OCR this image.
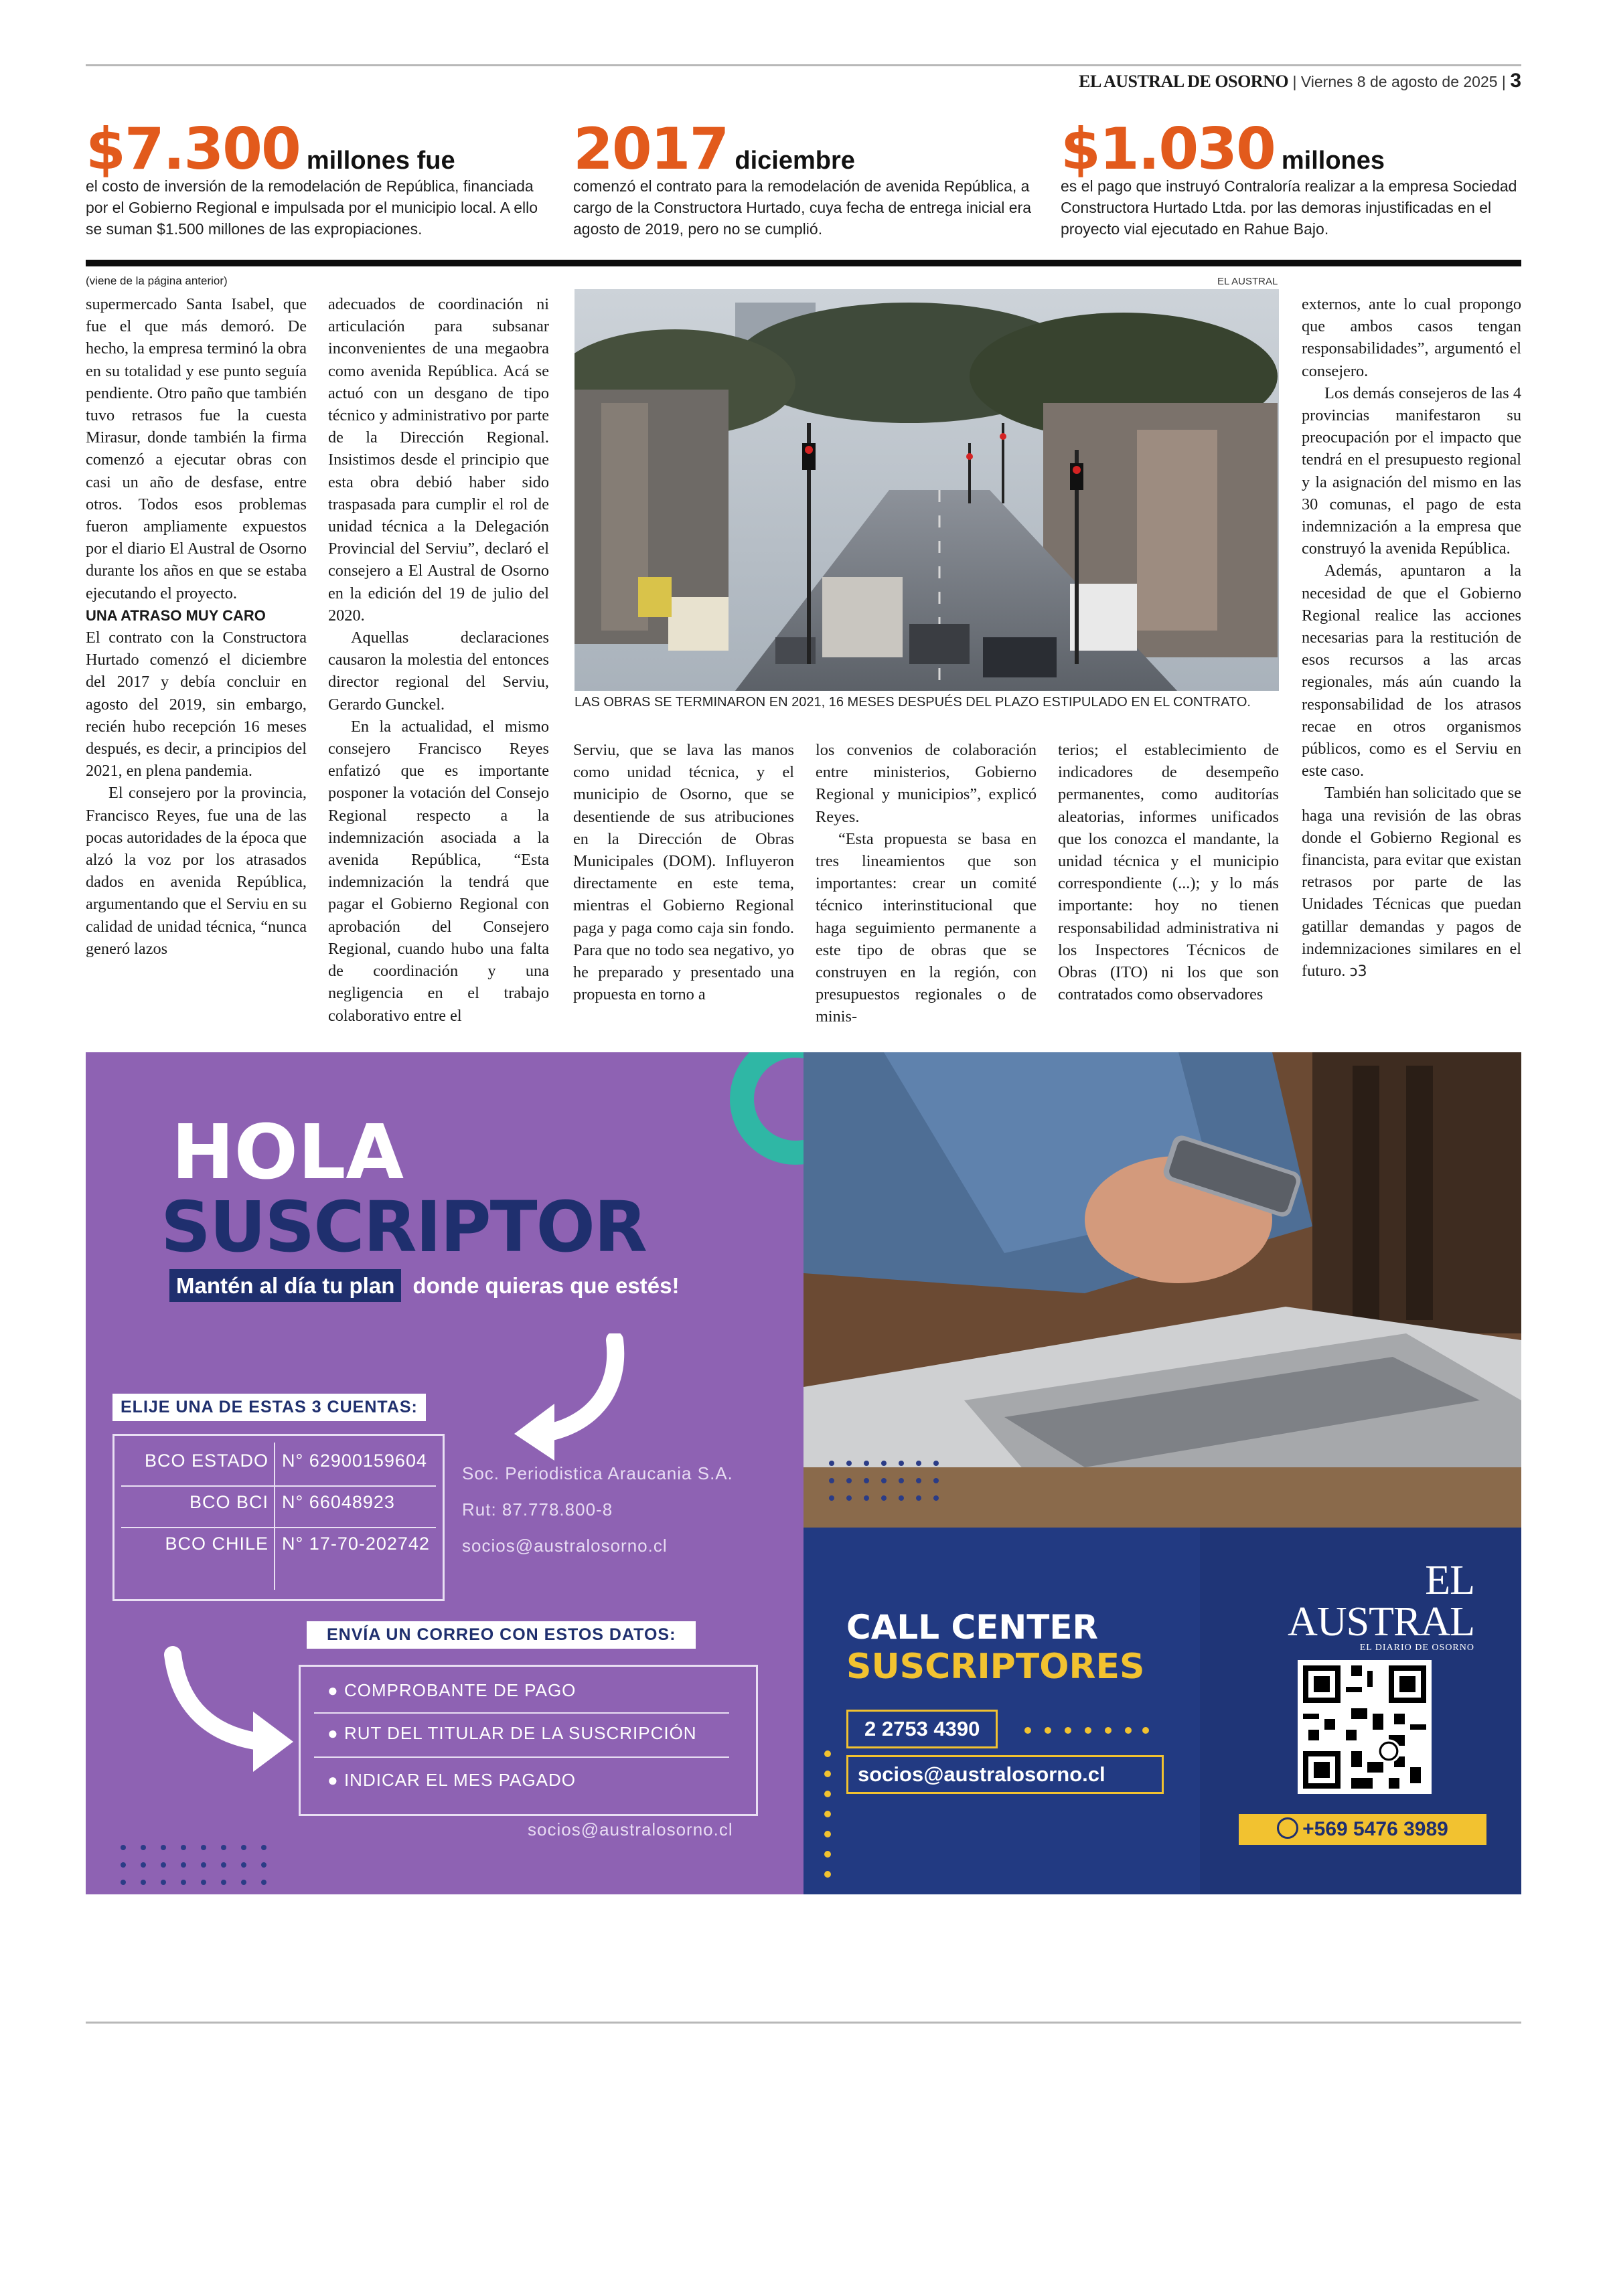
EL AUSTRAL DE OSORNO | Viernes 8 de agosto de 2025 | 3
$7.300 millones fue
el costo de inversión de la remodelación de República, financiada por el Gobierno Regional e impulsada por el municipio local. A ello se suman $1.500 millones de las expropiaciones.
2017 diciembre
comenzó el contrato para la remodelación de avenida República, a cargo de la Constructora Hurtado, cuya fecha de entrega inicial era agosto de 2019, pero no se cumplió.
$1.030 millones
es el pago que instruyó Contraloría realizar a la empresa Sociedad Constructora Hurtado Ltda. por las demoras injustificadas en el proyecto vial ejecutado en Rahue Bajo.
(viene de la página anterior)

supermercado Santa Isabel, que fue el que más demoró. De hecho, la empresa terminó la obra en su totalidad y ese punto seguía pendiente. Otro paño que también tuvo retrasos fue la cuesta Mirasur, donde también la firma comenzó a ejecutar obras con casi un año de desfase, entre otros. Todos esos problemas fueron ampliamente expuestos por el diario El Austral de Osorno durante los años en que se estaba ejecutando el proyecto.

UNA ATRASO MUY CARO

El contrato con la Constructora Hurtado comenzó el diciembre del 2017 y debía concluir en agosto del 2019, sin embargo, recién hubo recepción 16 meses después, es decir, a principios del 2021, en plena pandemia.

El consejero por la provincia, Francisco Reyes, fue una de las pocas autoridades de la época que alzó la voz por los atrasados dados en avenida República, argumentando que el Serviu en su calidad de unidad técnica, “nunca generó lazos

adecuados de coordinación ni articulación para subsanar inconvenientes de una megaobra como avenida República. Acá se actuó con un desgano de tipo técnico y administrativo por parte de la Dirección Regional. Insistimos desde el principio que esta obra debió haber sido traspasada para cumplir el rol de unidad técnica a la Delegación Provincial del Serviu”, declaró el consejero a El Austral de Osorno en la edición del 19 de julio del 2020.

Aquellas declaraciones causaron la molestia del entonces director regional del Serviu, Gerardo Gunckel.

En la actualidad, el mismo consejero Francisco Reyes enfatizó que es importante posponer la votación del Consejo Regional respecto a la indemnización asociada a la avenida República, “Esta indemnización la tendrá que pagar el Gobierno Regional con aprobación del Consejero Regional, cuando hubo una falta de coordinación y una negligencia en el trabajo colaborativo entre el

Serviu, que se lava las manos como unidad técnica, y el municipio de Osorno, que se desentiende de sus atribuciones en la Dirección de Obras Municipales (DOM). Influyeron directamente en este tema, mientras el Gobierno Regional paga y paga como caja sin fondo. Para que no todo sea negativo, yo he preparado y presentado una propuesta en torno a

los convenios de colaboración entre ministerios, Gobierno Regional y municipios”, explicó Reyes.

“Esta propuesta se basa en tres lineamientos que son importantes: crear un comité técnico interinstitucional que haga seguimiento permanente a este tipo de obras que se construyen en la región, con presupuestos regionales o de minis-

terios; el establecimiento de indicadores de desempeño permanentes, como auditorías aleatorias, informes unificados que los conozca el mandante, la unidad técnica y el municipio correspondiente (...); y lo más importante: hoy no tienen responsabilidad administrativa ni los Inspectores Técnicos de Obras (ITO) ni los que son contratados como observadores

externos, ante lo cual propongo que ambos casos tengan responsabilidades”, argumentó el consejero.

Los demás consejeros de las 4 provincias manifestaron su preocupación por el impacto que tendrá en el presupuesto regional y la asignación del mismo en las 30 comunas, el pago de esta indemnización a la empresa que construyó la avenida República.

Además, apuntaron a la necesidad de que el Gobierno Regional realice las acciones necesarias para la restitución de esos recursos a las arcas regionales, más aún cuando la responsabilidad de los atrasos recae en otros organismos públicos, como es el Serviu en este caso.

También han solicitado que se haga una revisión de las obras donde el Gobierno Regional es financista, para evitar que existan retrasos por parte de las Unidades Técnicas que puedan gatillar demandas y pagos de indemnizaciones similares en el futuro. ↄ3

EL AUSTRAL
LAS OBRAS SE TERMINARON EN 2021, 16 MESES DESPUÉS DEL PLAZO ESTIPULADO EN EL CONTRATO.
HOLA
SUSCRIPTOR
Mantén al día tu plan donde quieras que estés!
ELIJE UNA DE ESTAS 3 CUENTAS:
BCO ESTADO N° 62900159604
BCO BCI N° 66048923
BCO CHILE N° 17-70-202742
Soc. Periodistica Araucania S.A.
Rut: 87.778.800-8
socios@australosorno.cl
ENVÍA UN CORREO CON ESTOS DATOS:
● COMPROBANTE DE PAGO
● RUT DEL TITULAR DE LA SUSCRIPCIÓN
● INDICAR EL MES PAGADO
socios@australosorno.cl
CALL CENTER
SUSCRIPTORES
2 2753 4390
socios@australosorno.cl
EL AUSTRAL
EL DIARIO DE OSORNO
+569 5476 3989
